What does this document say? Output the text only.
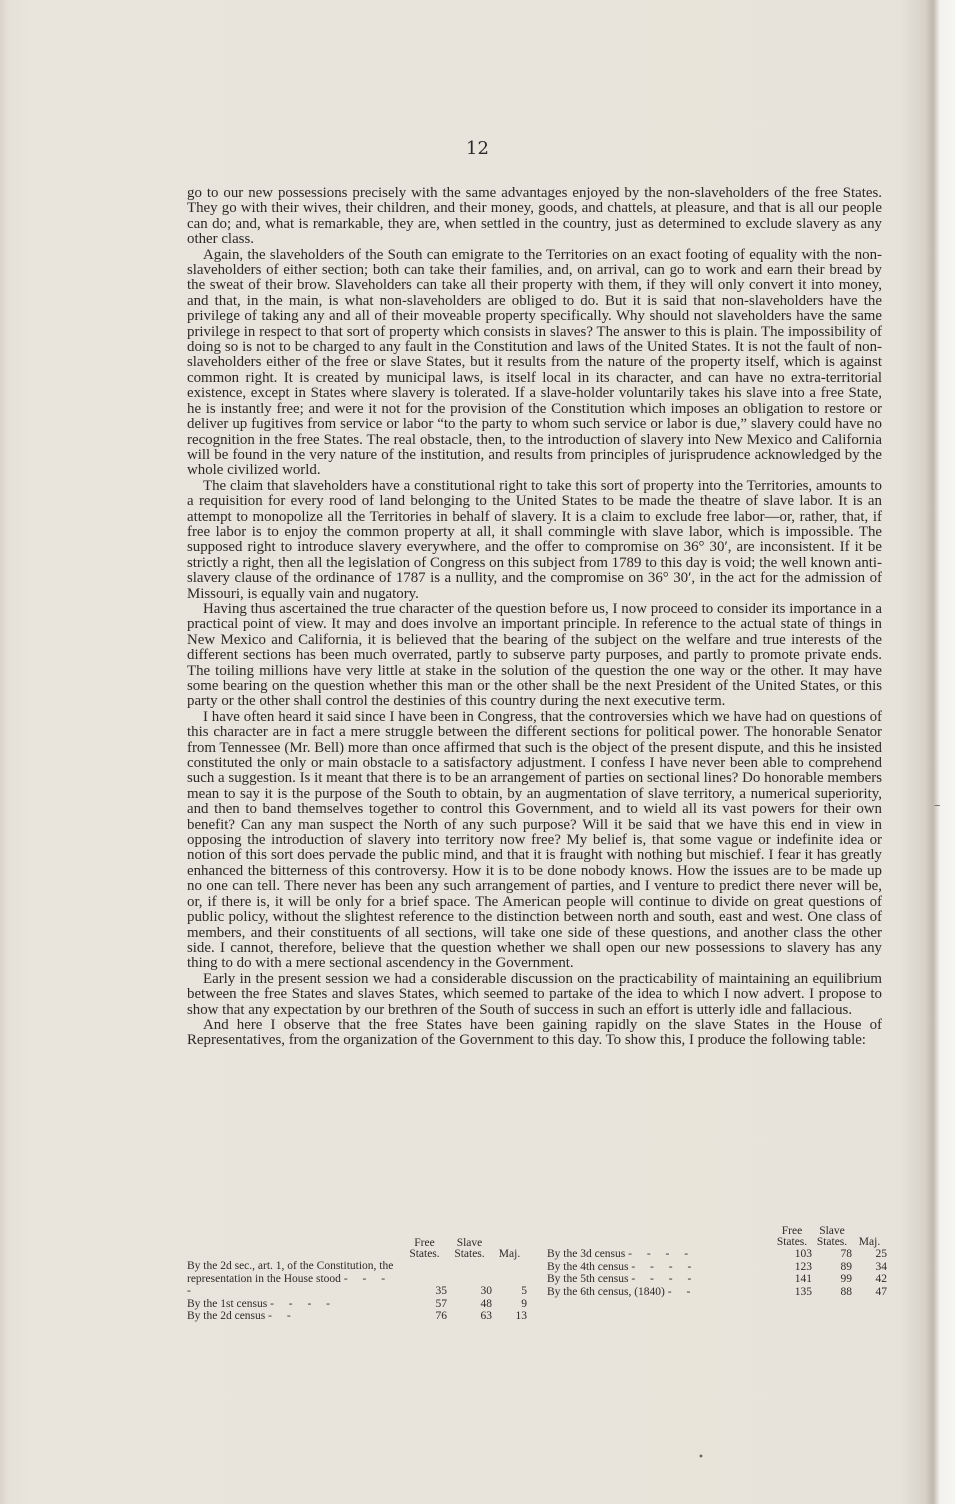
12

go to our new possessions precisely with the same advantages enjoyed by the non-slaveholders of the free States. They go with their wives, their children, and their money, goods, and chattels, at pleasure, and that is all our people can do; and, what is remarkable, they are, when settled in the country, just as determined to exclude slavery as any other class.

Again, the slaveholders of the South can emigrate to the Territories on an exact footing of equality with the non-slaveholders of either section; both can take their families, and, on arrival, can go to work and earn their bread by the sweat of their brow. Slaveholders can take all their property with them, if they will only convert it into money, and that, in the main, is what non-slaveholders are obliged to do. But it is said that non-slaveholders have the privilege of taking any and all of their moveable property specifically. Why should not slaveholders have the same privilege in respect to that sort of property which consists in slaves? The answer to this is plain. The impossibility of doing so is not to be charged to any fault in the Constitution and laws of the United States. It is not the fault of non-slaveholders either of the free or slave States, but it results from the nature of the property itself, which is against common right. It is created by municipal laws, is itself local in its character, and can have no extra-territorial existence, except in States where slavery is tolerated. If a slave-holder voluntarily takes his slave into a free State, he is instantly free; and were it not for the provision of the Constitution which imposes an obligation to restore or deliver up fugitives from service or labor “to the party to whom such service or labor is due,” slavery could have no recognition in the free States. The real obstacle, then, to the introduction of slavery into New Mexico and California will be found in the very nature of the institution, and results from principles of jurisprudence acknowledged by the whole civilized world.

The claim that slaveholders have a constitutional right to take this sort of property into the Territories, amounts to a requisition for every rood of land belonging to the United States to be made the theatre of slave labor. It is an attempt to monopolize all the Territories in behalf of slavery. It is a claim to exclude free labor—or, rather, that, if free labor is to enjoy the common property at all, it shall commingle with slave labor, which is impossible. The supposed right to introduce slavery everywhere, and the offer to compromise on 36° 30′, are inconsistent. If it be strictly a right, then all the legislation of Congress on this subject from 1789 to this day is void; the well known anti-slavery clause of the ordinance of 1787 is a nullity, and the compromise on 36° 30′, in the act for the admission of Missouri, is equally vain and nugatory.

Having thus ascertained the true character of the question before us, I now proceed to consider its importance in a practical point of view. It may and does involve an important principle. In reference to the actual state of things in New Mexico and California, it is believed that the bearing of the subject on the welfare and true interests of the different sections has been much overrated, partly to subserve party purposes, and partly to promote private ends. The toiling millions have very little at stake in the solution of the question the one way or the other. It may have some bearing on the question whether this man or the other shall be the next President of the United States, or this party or the other shall control the destinies of this country during the next executive term.

I have often heard it said since I have been in Congress, that the controversies which we have had on questions of this character are in fact a mere struggle between the different sections for political power. The honorable Senator from Tennessee (Mr. Bell) more than once affirmed that such is the object of the present dispute, and this he insisted constituted the only or main obstacle to a satisfactory adjustment. I confess I have never been able to comprehend such a suggestion. Is it meant that there is to be an arrangement of parties on sectional lines? Do honorable members mean to say it is the purpose of the South to obtain, by an augmentation of slave territory, a numerical superiority, and then to band themselves together to control this Government, and to wield all its vast powers for their own benefit? Can any man suspect the North of any such purpose? Will it be said that we have this end in view in opposing the introduction of slavery into territory now free? My belief is, that some vague or indefinite idea or notion of this sort does pervade the public mind, and that it is fraught with nothing but mischief. I fear it has greatly enhanced the bitterness of this controversy. How it is to be done nobody knows. How the issues are to be made up no one can tell. There never has been any such arrangement of parties, and I venture to predict there never will be, or, if there is, it will be only for a brief space. The American people will continue to divide on great questions of public policy, without the slightest reference to the distinction between north and south, east and west. One class of members, and their constituents of all sections, will take one side of these questions, and another class the other side. I cannot, therefore, believe that the question whether we shall open our new possessions to slavery has any thing to do with a mere sectional ascendency in the Government.

Early in the present session we had a considerable discussion on the practicability of maintaining an equilibrium between the free States and slaves States, which seemed to partake of the idea to which I now advert. I propose to show that any expectation by our brethren of the South of success in such an effort is utterly idle and fallacious.

And here I observe that the free States have been gaining rapidly on the slave States in the House of Representatives, from the organization of the Government to this day. To show this, I produce the following table:

	Free States.	Slave States.	Maj.
By the 2d sec., art. 1, of the Constitution, the representation in the House stood - - - -	35	30	5
By the 1st census - - - -	57	48	9
By the 2d census - -	76	63	13
	Free States.	Slave States.	Maj.
By the 3d census - - - -	103	78	25
By the 4th census - - - -	123	89	34
By the 5th census - - - -	141	99	42
By the 6th census, (1840) - -	135	88	47
–
•
